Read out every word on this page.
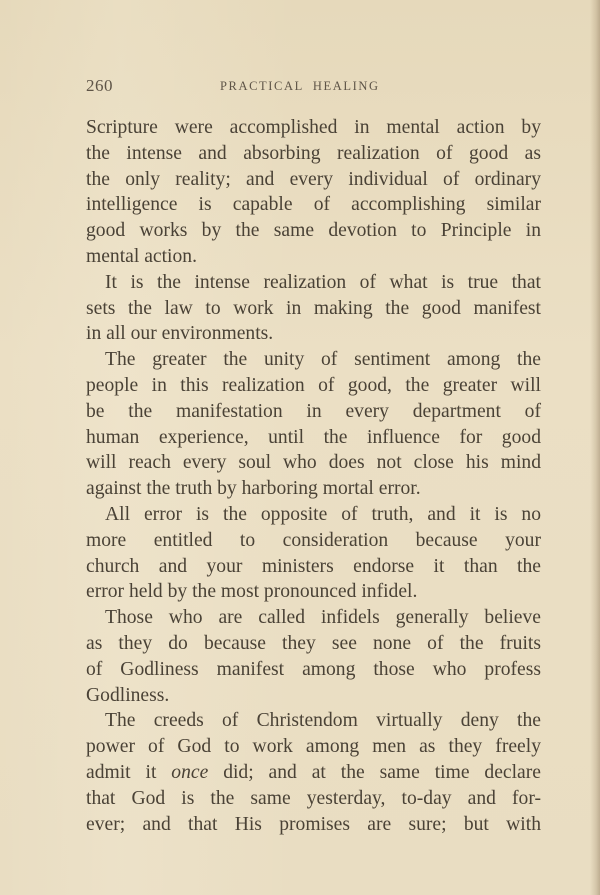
260	PRACTICAL  HEALING
Scripture were accomplished in mental action by
the intense and absorbing realization of good as
the only reality; and every individual of ordinary
intelligence is capable of accomplishing similar
good works by the same devotion to Principle in
mental action.
It is the intense realization of what is true that
sets the law to work in making the good manifest
in all our environments.
The greater the unity of sentiment among the
people in this realization of good, the greater will
be the manifestation in every department of
human experience, until the influence for good
will reach every soul who does not close his mind
against the truth by harboring mortal error.
All error is the opposite of truth, and it is no
more entitled to consideration because your
church and your ministers endorse it than the
error held by the most pronounced infidel.
Those who are called infidels generally believe
as they do because they see none of the fruits
of Godliness manifest among those who profess
Godliness.
The creeds of Christendom virtually deny the
power of God to work among men as they freely
admit it once did; and at the same time declare
that God is the same yesterday, to-day and for-
ever; and that His promises are sure; but with
